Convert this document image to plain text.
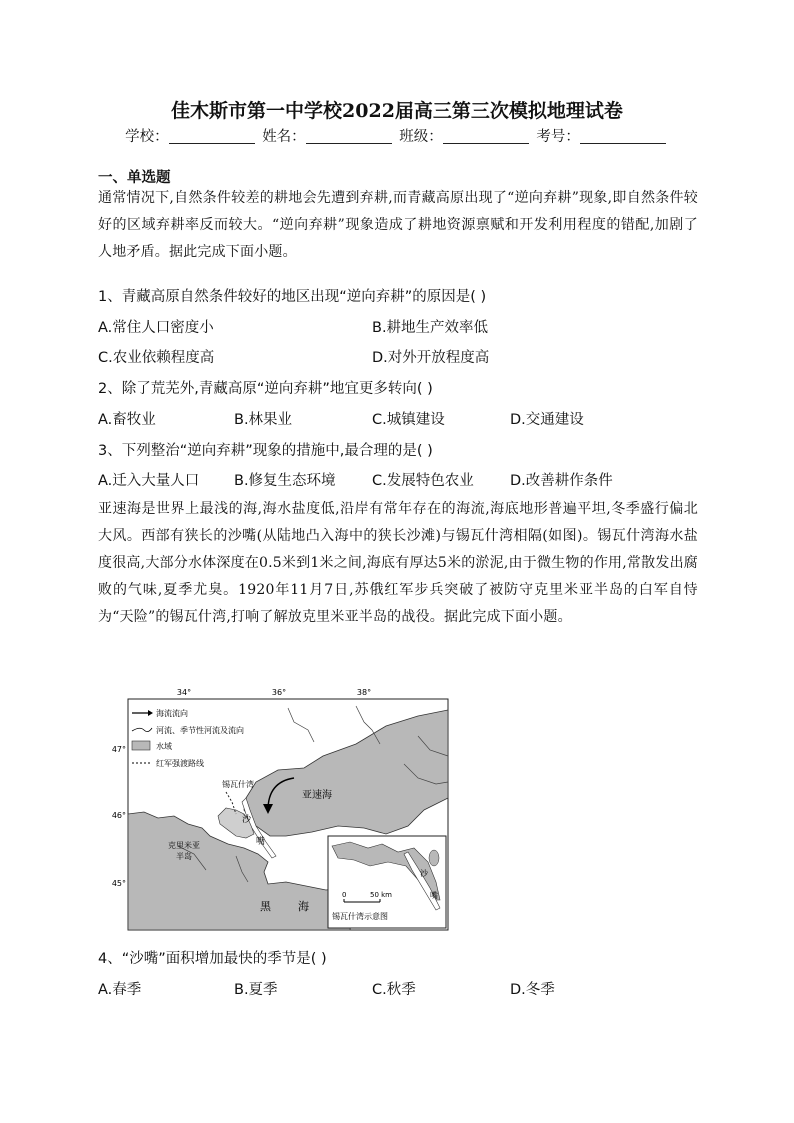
佳木斯市第一中学校2022届高三第三次模拟地理试卷
学校：	姓名：	班级：	考号：
一、单选题
通常情况下,自然条件较差的耕地会先遭到弃耕,而青藏高原出现了“逆向弃耕”现象,即自然条件较好的区域弃耕率反而较大。“逆向弃耕”现象造成了耕地资源禀赋和开发利用程度的错配,加剧了人地矛盾。据此完成下面小题。
1、青藏高原自然条件较好的地区出现“逆向弃耕”的原因是( )
A.常住人口密度小	B.耕地生产效率低
C.农业依赖程度高	D.对外开放程度高
2、除了荒芜外,青藏高原“逆向弃耕”地宜更多转向( )
A.畜牧业	B.林果业	C.城镇建设	D.交通建设
3、下列整治“逆向弃耕”现象的措施中,最合理的是( )
A.迁入大量人口 B.修复生态环境	C.发展特色农业	D.改善耕作条件
亚速海是世界上最浅的海,海水盐度低,沿岸有常年存在的海流,海底地形普遍平坦,冬季盛行偏北大风。西部有狭长的沙嘴(从陆地凸入海中的狭长沙滩)与锡瓦什湾相隔(如图)。锡瓦什湾海水盐度很高,大部分水体深度在0.5米到1米之间,海底有厚达5米的淤泥,由于微生物的作用,常散发出腐败的气味,夏季尤臭。1920年11月7日,苏俄红军步兵突破了被防守克里米亚半岛的白军自恃为“天险”的锡瓦什湾,打响了解放克里米亚半岛的战役。据此完成下面小题。
34°	36°	38°
海流流向
河流、季节性河流及流向
水域
红军强渡路线
47°
46°
45°
锡瓦什湾
亚速海
沙
嘴
克里米亚
半岛
黑 海
0	50 km
沙
嘴
锡瓦什湾示意图
4、“沙嘴”面积增加最快的季节是( )
A.春季	B.夏季	C.秋季	D.冬季
